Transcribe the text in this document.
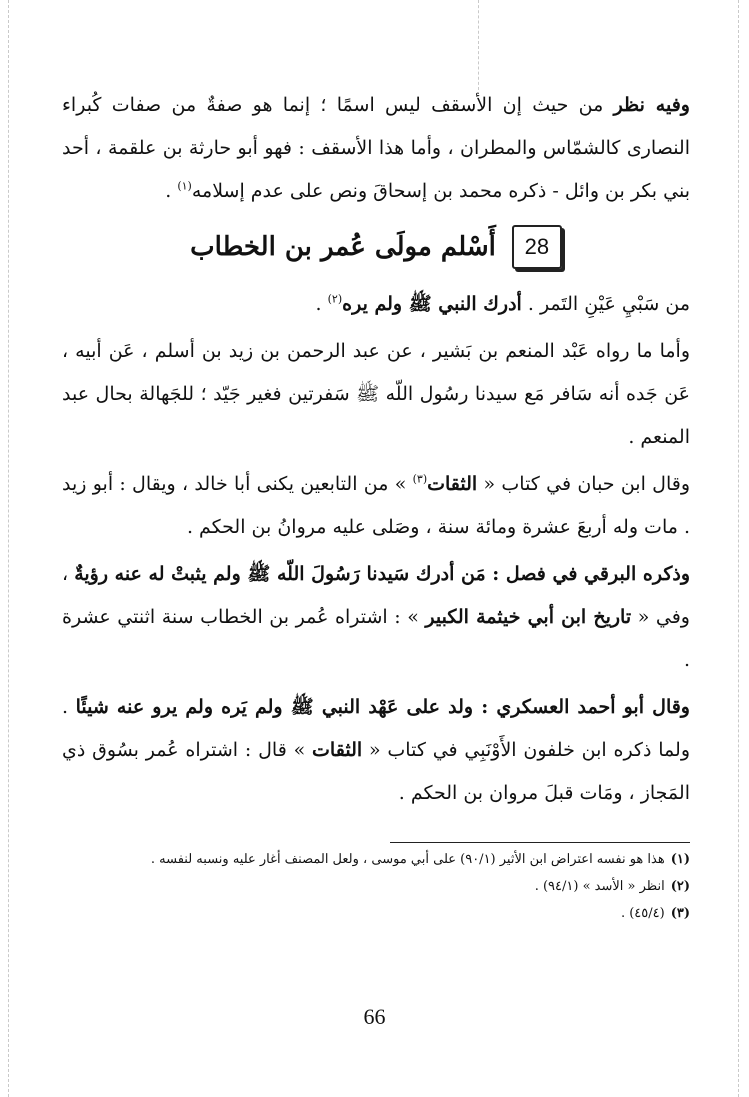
وفيه نظر من حيث إن الأسقف ليس اسمًا ؛ إنما هو صفةٌ من صفات كُبراء النصارى كالشمّاس والمطران ، وأما هذا الأسقف : فهو أبو حارثة بن علقمة ، أحد بني بكر بن وائل - ذكره محمد بن إسحاقَ ونص على عدم إسلامه$^{(١)}$ .

28
أَسْلم مولَى عُمر بن الخطاب

من سَبْيِ عَيْنِ التَمر . أدرك النبي ﷺ ولم يره$^{(٢)}$ .

وأما ما رواه عَبْد المنعم بن بَشير ، عن عبد الرحمن بن زيد بن أسلم ، عَن أبيه ، عَن جَده أنه سَافر مَع سيدنا رسُول اللّه ﷺ سَفرتين فغير جَيّد ؛ للجَهالة بحال عبد المنعم .

وقال ابن حبان في كتاب « الثقات$^{(٣)}$ » من التابعين يكنى أبا خالد ، ويقال : أبو زيد . مات وله أربعَ عشرة ومائة سنة ، وصَلى عليه مروانُ بن الحكم .

وذكره البرقي في فصل : مَن أدرك سَيدنا رَسُولَ اللّه ﷺ ولم يثبتْ له عنه رؤيةٌ ، وفي « تاريخ ابن أبي خيثمة الكبير » : اشتراه عُمر بن الخطاب سنة اثنتي عشرة .

وقال أبو أحمد العسكري : ولد على عَهْد النبي ﷺ ولم يَره ولم يرو عنه شيئًا . ولما ذكره ابن خلفون الأَوْنَبِي في كتاب « الثقات » قال : اشتراه عُمر بسُوق ذي المَجاز ، ومَات قبلَ مروان بن الحكم .

(١)هذا هو نفسه اعتراض ابن الأثير (٩٠/١) على أبي موسى ، ولعل المصنف أغار عليه ونسبه لنفسه .

(٢)انظر « الأسد » (٩٤/١) .

(٣)(٤٥/٤) .

66
